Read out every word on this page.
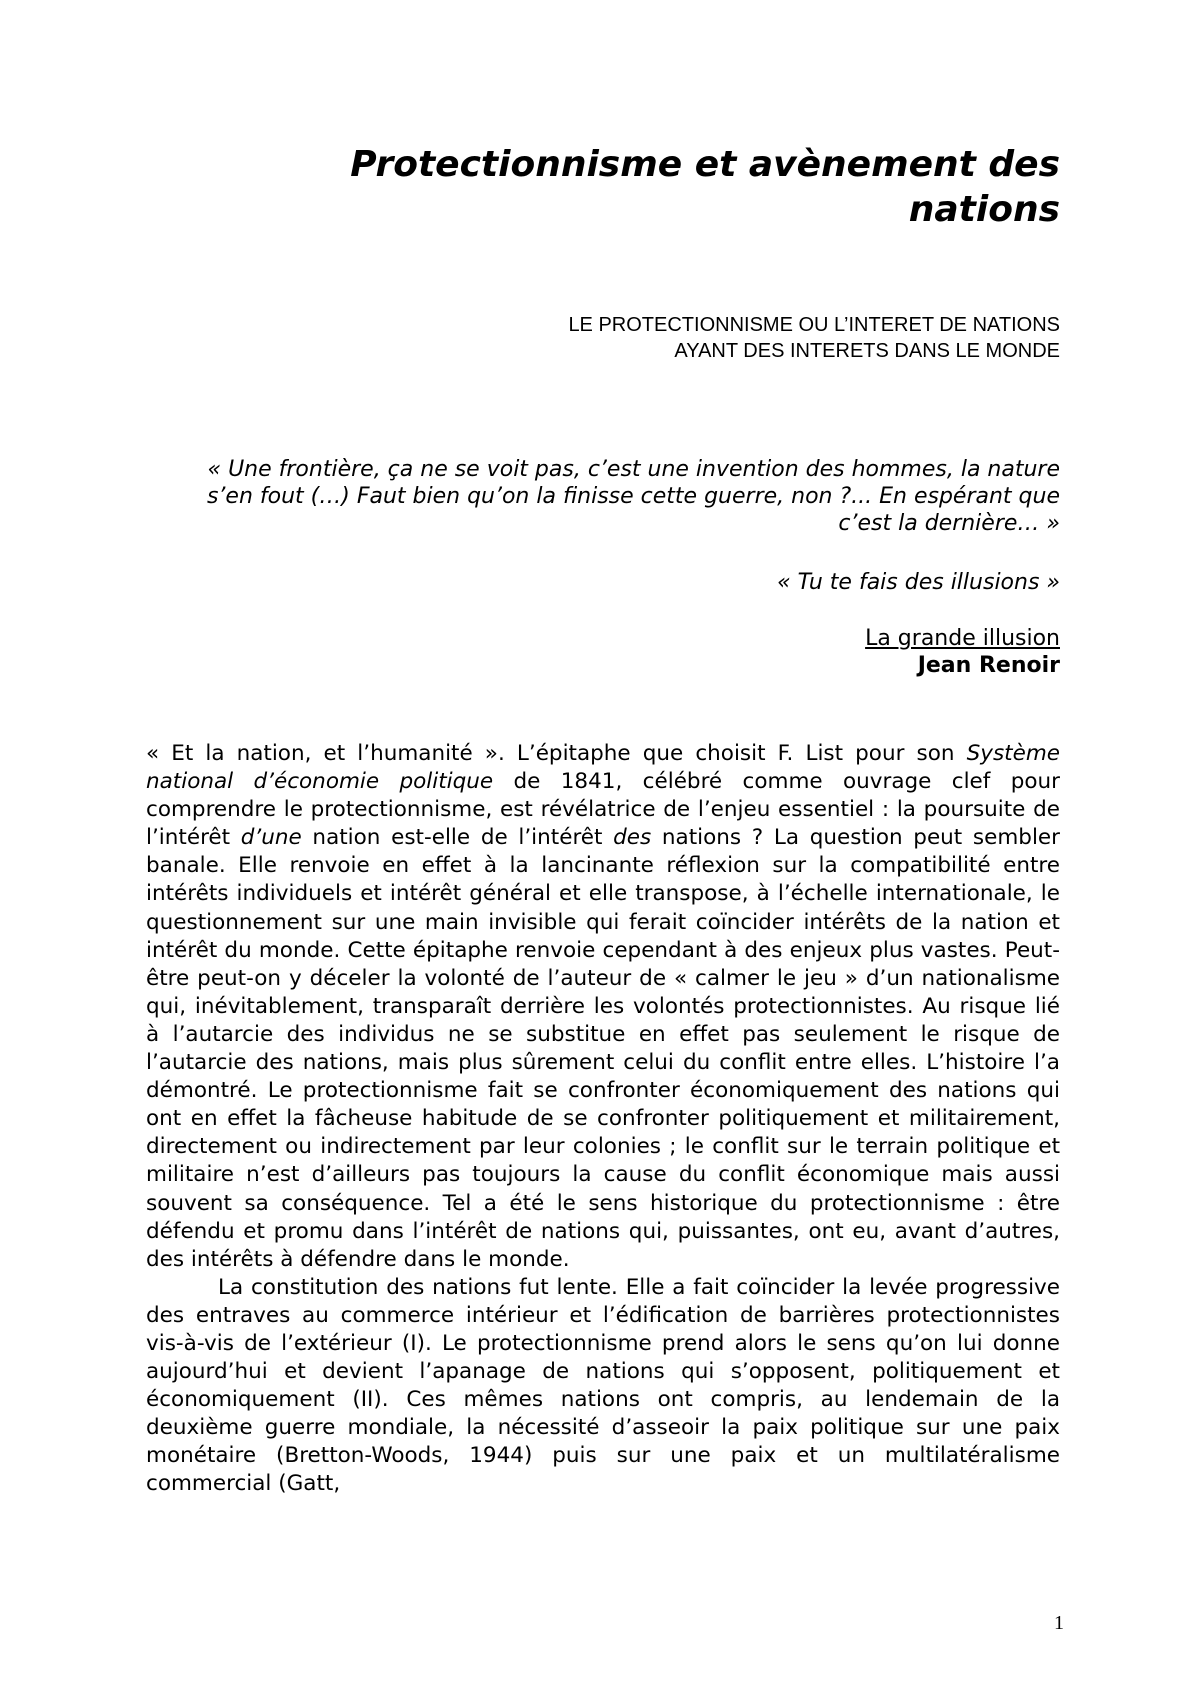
Protectionnisme et avènement des nations
LE PROTECTIONNISME OU L’INTERET DE NATIONS
AYANT DES INTERETS DANS LE MONDE
« Une frontière, ça ne se voit pas, c’est une invention des hommes, la nature s’en fout (…) Faut bien qu’on la finisse cette guerre, non ?... En espérant que c’est la dernière… »
« Tu te fais des illusions »
La grande illusion
Jean Renoir

« Et la nation, et l’humanité ». L’épitaphe que choisit F. List pour son Système national d’économie politique de 1841, célébré comme ouvrage clef pour comprendre le protectionnisme, est révélatrice de l’enjeu essentiel : la poursuite de l’intérêt d’une nation est-elle de l’intérêt des nations ? La question peut sembler banale. Elle renvoie en effet à la lancinante réflexion sur la compatibilité entre intérêts individuels et intérêt général et elle transpose, à l’échelle internationale, le questionnement sur une main invisible qui ferait coïncider intérêts de la nation et intérêt du monde. Cette épitaphe renvoie cependant à des enjeux plus vastes. Peut-être peut-on y déceler la volonté de l’auteur de « calmer le jeu » d’un nationalisme qui, inévitablement, transparaît derrière les volontés protectionnistes. Au risque lié à l’autarcie des individus ne se substitue en effet pas seulement le risque de l’autarcie des nations, mais plus sûrement celui du conflit entre elles. L’histoire l’a démontré. Le protectionnisme fait se confronter économiquement des nations qui ont en effet la fâcheuse habitude de se confronter politiquement et militairement, directement ou indirectement par leur colonies ; le conflit sur le terrain politique et militaire n’est d’ailleurs pas toujours la cause du conflit économique mais aussi souvent sa conséquence. Tel a été le sens historique du protectionnisme : être défendu et promu dans l’intérêt de nations qui, puissantes, ont eu, avant d’autres, des intérêts à défendre dans le monde.

La constitution des nations fut lente. Elle a fait coïncider la levée progressive des entraves au commerce intérieur et l’édification de barrières protectionnistes vis-à-vis de l’extérieur (I). Le protectionnisme prend alors le sens qu’on lui donne aujourd’hui et devient l’apanage de nations qui s’opposent, politiquement et économiquement (II). Ces mêmes nations ont compris, au lendemain de la deuxième guerre mondiale, la nécessité d’asseoir la paix politique sur une paix monétaire (Bretton-Woods, 1944) puis sur une paix et un multilatéralisme commercial (Gatt,

1
